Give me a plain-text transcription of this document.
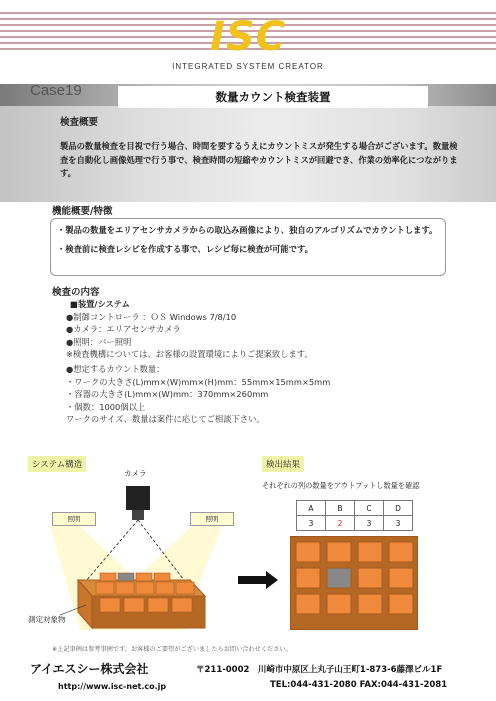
ISC
INTEGRATED SYSTEM CREATOR
Case19	数量カウント検査装置
検査概要
製品の数量検査を目視で行う場合、時間を要するうえにカウントミスが発生する場合がございます。数量検査を自動化し画像処理で行う事で、検査時間の短縮やカウントミスが回避でき、作業の効率化につながります。
機能概要/特徴
・製品の数量をエリアセンサカメラからの取込み画像により、独自のアルゴリズムでカウントします。
・検査前に検査レシピを作成する事で、レシピ毎に検査が可能です。
検査の内容
■装置/システム
●制御コントローラ ：ＯＳ Windows 7/8/10
●カメラ：エリアセンサカメラ
●照明：バー照明
※検査機構については、お客様の設置環境によりご提案致します。
●想定するカウント数量：
・ワークの大きさ(L)mm×(W)mm×(H)mm：55mm×15mm×5mm
・容器の大きさ(L)mm×(W)mm：370mm×260mm
・個数：1000個以上
ワークのサイズ、数量は案件に応じてご相談下さい。
システム構造
カメラ
照明	照明
測定対象物
検出結果
それぞれの列の数量をアウトプットし数量を確認
A	B	C	D
3	2	3	3
※上記事例は参考事例です。お客様のご要望がございましたらお問い合わせください。
アイエスシー株式会社
http://www.isc-net.co.jp
〒211-0002　川崎市中原区上丸子山王町1-873-6藤澤ビル1F
TEL:044-431-2080 FAX:044-431-2081
